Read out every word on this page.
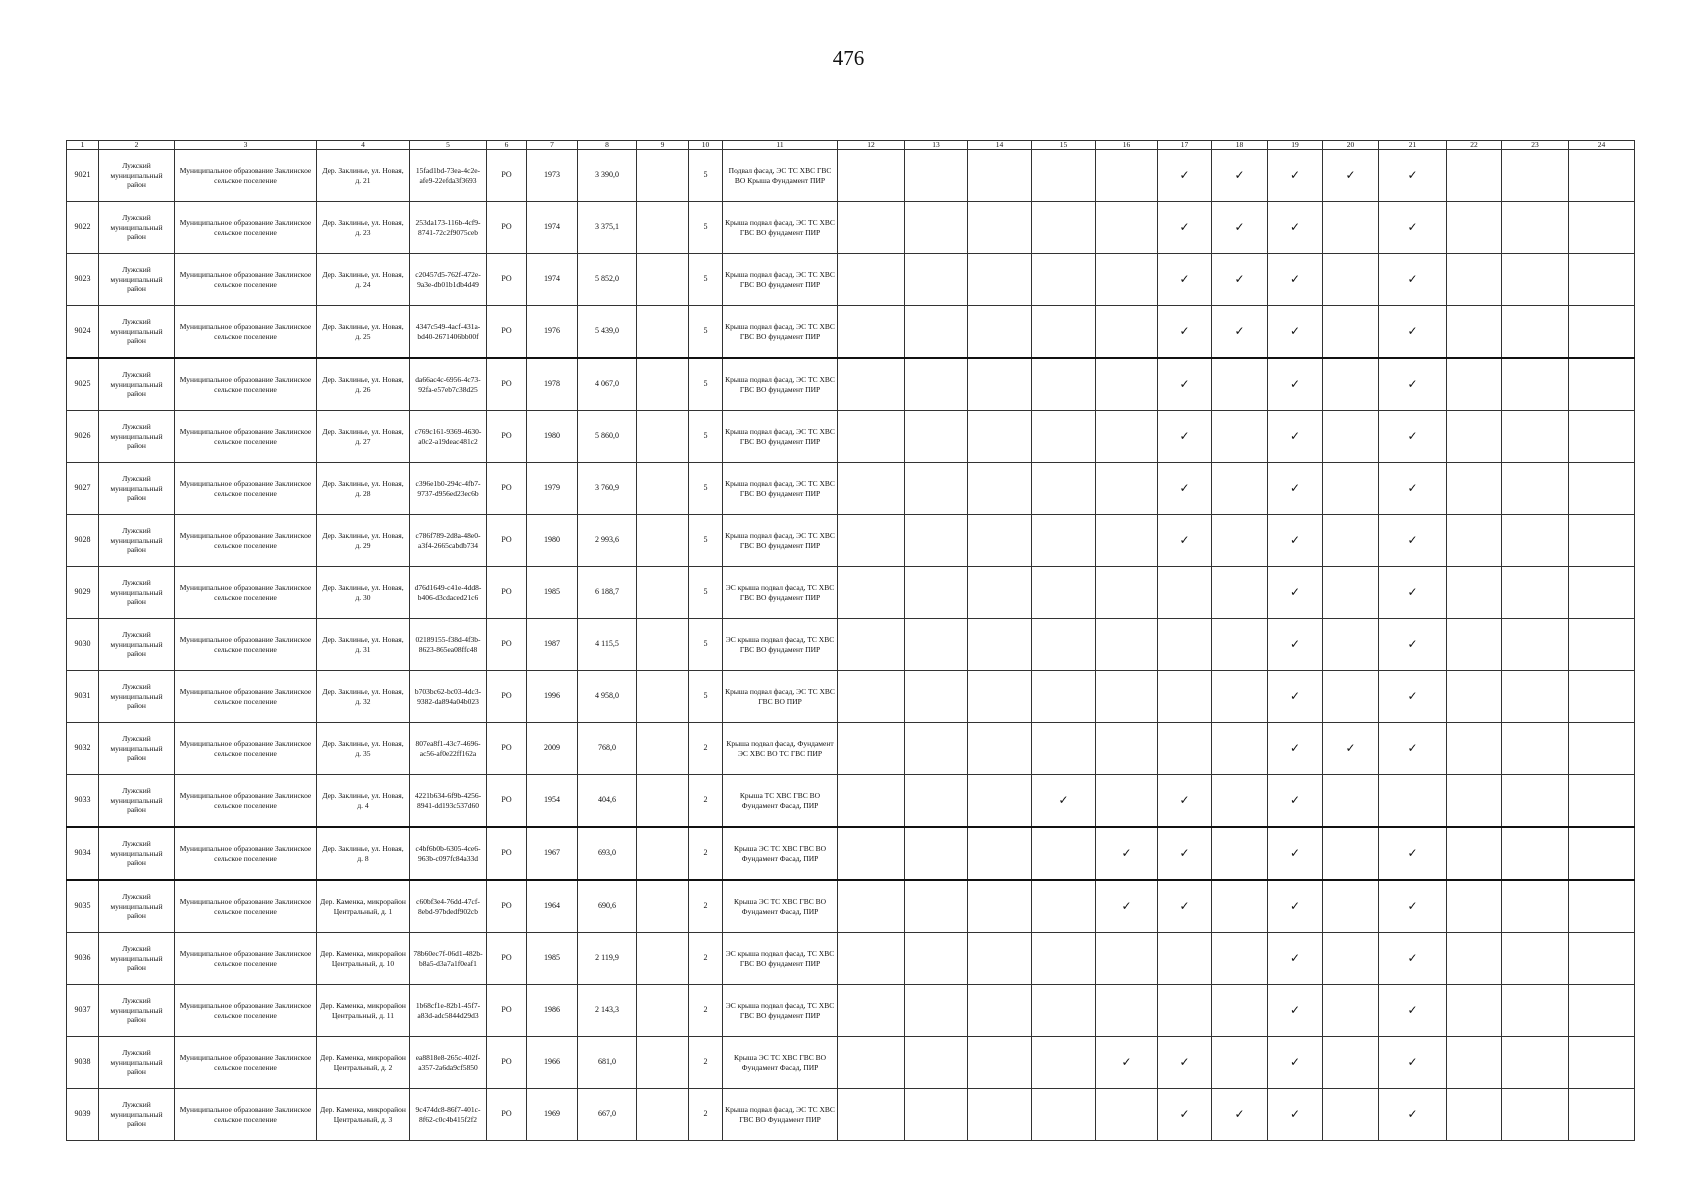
476
1	2	3	4	5	6	7	8	9	10	11	12	13	14	15	16	17	18	19	20	21	22	23	24
9021	Лужский муниципальный район	Муниципальное образование Заклинское сельское поселение	Дер. Заклинье, ул. Новая, д. 21	15fad1bd-73ea-4c2e-afe9-22efda3f3693	РО	1973	3 390,0		5	Подвал фасад, ЭС ТС ХВС ГВС ВО Крыша Фундамент ПИР						✓	✓	✓	✓	✓			
9022	Лужский муниципальный район	Муниципальное образование Заклинское сельское поселение	Дер. Заклинье, ул. Новая, д. 23	253da173-116b-4cf9-8741-72c2f9075ceb	РО	1974	3 375,1		5	Крыша подвал фасад, ЭС ТС ХВС ГВС ВО фундамент ПИР						✓	✓	✓		✓			
9023	Лужский муниципальный район	Муниципальное образование Заклинское сельское поселение	Дер. Заклинье, ул. Новая, д. 24	c20457d5-762f-472e-9a3e-db01b1db4d49	РО	1974	5 852,0		5	Крыша подвал фасад, ЭС ТС ХВС ГВС ВО фундамент ПИР						✓	✓	✓		✓			
9024	Лужский муниципальный район	Муниципальное образование Заклинское сельское поселение	Дер. Заклинье, ул. Новая, д. 25	4347c549-4acf-431a-bd40-2671406bb00f	РО	1976	5 439,0		5	Крыша подвал фасад, ЭС ТС ХВС ГВС ВО фундамент ПИР						✓	✓	✓		✓			
9025	Лужский муниципальный район	Муниципальное образование Заклинское сельское поселение	Дер. Заклинье, ул. Новая, д. 26	da66ac4c-6956-4c73-92fa-e57eb7c38d25	РО	1978	4 067,0		5	Крыша подвал фасад, ЭС ТС ХВС ГВС ВО фундамент ПИР						✓		✓		✓			
9026	Лужский муниципальный район	Муниципальное образование Заклинское сельское поселение	Дер. Заклинье, ул. Новая, д. 27	c769c161-9369-4630-a0c2-a19deac481c2	РО	1980	5 860,0		5	Крыша подвал фасад, ЭС ТС ХВС ГВС ВО фундамент ПИР						✓		✓		✓			
9027	Лужский муниципальный район	Муниципальное образование Заклинское сельское поселение	Дер. Заклинье, ул. Новая, д. 28	c396e1b0-294c-4fb7-9737-d956ed23ec6b	РО	1979	3 760,9		5	Крыша подвал фасад, ЭС ТС ХВС ГВС ВО фундамент ПИР						✓		✓		✓			
9028	Лужский муниципальный район	Муниципальное образование Заклинское сельское поселение	Дер. Заклинье, ул. Новая, д. 29	c786f789-2d8a-48e0-a3f4-2665cabdb734	РО	1980	2 993,6		5	Крыша подвал фасад, ЭС ТС ХВС ГВС ВО фундамент ПИР						✓		✓		✓			
9029	Лужский муниципальный район	Муниципальное образование Заклинское сельское поселение	Дер. Заклинье, ул. Новая, д. 30	d76d1649-c41e-4dd8-b406-d3cdaced21c6	РО	1985	6 188,7		5	ЭС крыша подвал фасад, ТС ХВС ГВС ВО фундамент ПИР								✓		✓			
9030	Лужский муниципальный район	Муниципальное образование Заклинское сельское поселение	Дер. Заклинье, ул. Новая, д. 31	02189155-f38d-4f3b-8623-865ea08ffc48	РО	1987	4 115,5		5	ЭС крыша подвал фасад, ТС ХВС ГВС ВО фундамент ПИР								✓		✓			
9031	Лужский муниципальный район	Муниципальное образование Заклинское сельское поселение	Дер. Заклинье, ул. Новая, д. 32	b703bc62-bc03-4dc3-9382-da894a04b023	РО	1996	4 958,0		5	Крыша подвал фасад, ЭС ТС ХВС ГВС ВО ПИР								✓		✓			
9032	Лужский муниципальный район	Муниципальное образование Заклинское сельское поселение	Дер. Заклинье, ул. Новая, д. 35	807ea8f1-43c7-4696-ac56-af0e22ff162a	РО	2009	768,0		2	Крыша подвал фасад, Фундамент ЭС ХВС ВО ТС ГВС ПИР								✓	✓	✓			
9033	Лужский муниципальный район	Муниципальное образование Заклинское сельское поселение	Дер. Заклинье, ул. Новая, д. 4	4221b634-6f9b-4256-8941-dd193c537d60	РО	1954	404,6		2	Крыша ТС ХВС ГВС ВО Фундамент Фасад, ПИР				✓		✓		✓					
9034	Лужский муниципальный район	Муниципальное образование Заклинское сельское поселение	Дер. Заклинье, ул. Новая, д. 8	c4bf6b0b-6305-4ce6-963b-c097fc84a33d	РО	1967	693,0		2	Крыша ЭС ТС ХВС ГВС ВО Фундамент Фасад, ПИР					✓	✓		✓		✓			
9035	Лужский муниципальный район	Муниципальное образование Заклинское сельское поселение	Дер. Каменка, микрорайон Центральный, д. 1	c60bf3e4-76dd-47cf-8ebd-97bdedf902cb	РО	1964	690,6		2	Крыша ЭС ТС ХВС ГВС ВО Фундамент Фасад, ПИР					✓	✓		✓		✓			
9036	Лужский муниципальный район	Муниципальное образование Заклинское сельское поселение	Дер. Каменка, микрорайон Центральный, д. 10	78b60ec7f-06d1-482b-b8a5-d3a7a1f0eaf1	РО	1985	2 119,9		2	ЭС крыша подвал фасад, ТС ХВС ГВС ВО фундамент ПИР								✓		✓			
9037	Лужский муниципальный район	Муниципальное образование Заклинское сельское поселение	Дер. Каменка, микрорайон Центральный, д. 11	1b68cf1e-82b1-45f7-a83d-adc5844d29d3	РО	1986	2 143,3		2	ЭС крыша подвал фасад, ТС ХВС ГВС ВО фундамент ПИР								✓		✓			
9038	Лужский муниципальный район	Муниципальное образование Заклинское сельское поселение	Дер. Каменка, микрорайон Центральный, д. 2	ea8818e8-265c-402f-a357-2a6da9cf5850	РО	1966	681,0		2	Крыша ЭС ТС ХВС ГВС ВО Фундамент Фасад, ПИР					✓	✓		✓		✓			
9039	Лужский муниципальный район	Муниципальное образование Заклинское сельское поселение	Дер. Каменка, микрорайон Центральный, д. 3	9c474dc8-86f7-401c-8f62-c0c4b415f2f2	РО	1969	667,0		2	Крыша подвал фасад, ЭС ТС ХВС ГВС ВО Фундамент ПИР						✓	✓	✓		✓			
